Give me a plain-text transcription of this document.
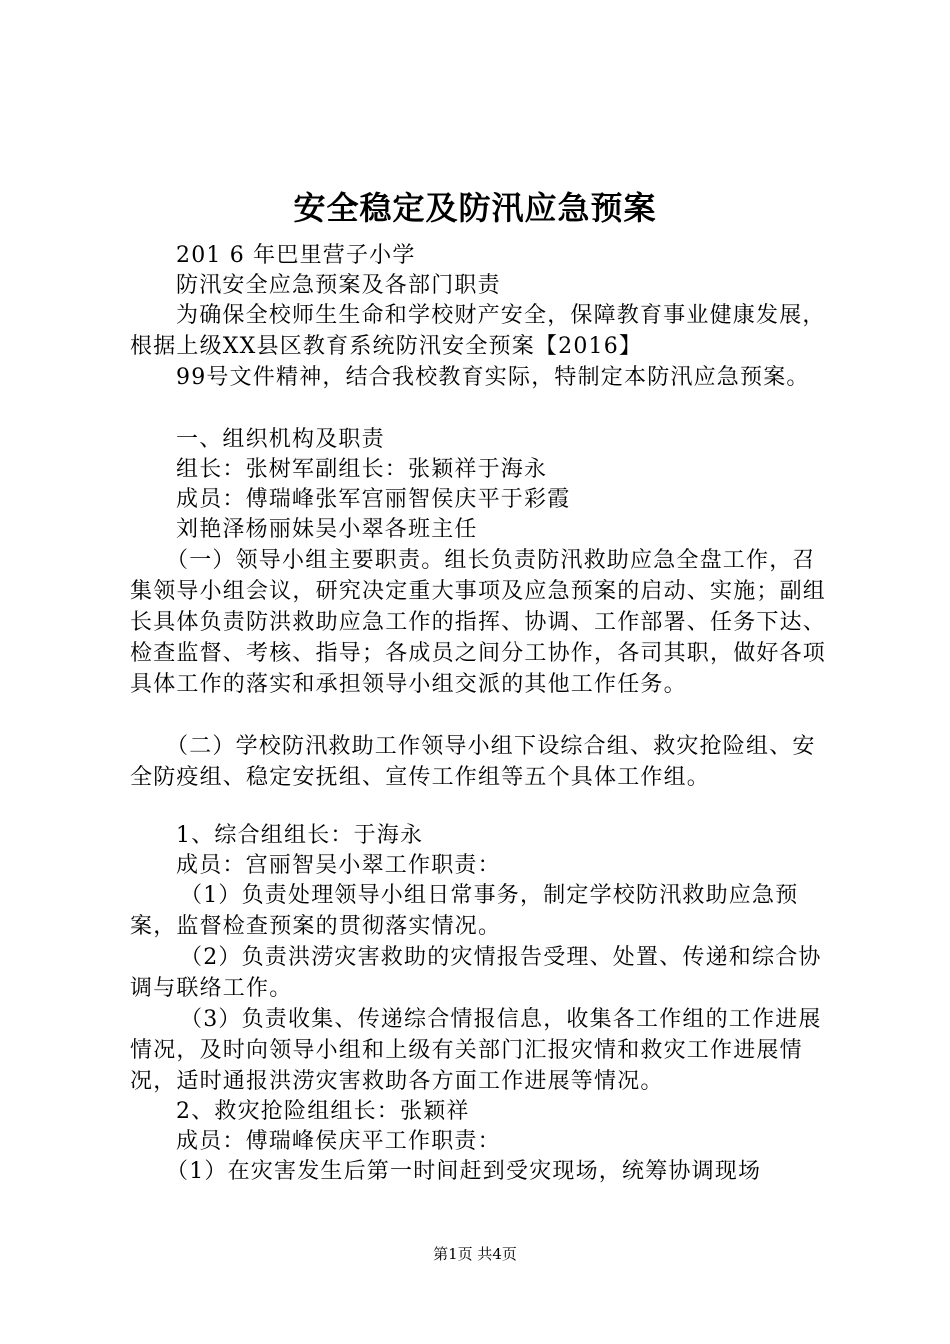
安全稳定及防汛应急预案

201 6 年巴里营子小学

防汛安全应急预案及各部门职责

为确保全校师生生命和学校财产安全，保障教育事业健康发展，根据上级XX县区教育系统防汛安全预案【2016】

99号文件精神，结合我校教育实际，特制定本防汛应急预案。

一、组织机构及职责

组长：张树军副组长：张颖祥于海永

成员：傅瑞峰张军宫丽智侯庆平于彩霞

刘艳泽杨丽妹吴小翠各班主任

（一）领导小组主要职责。组长负责防汛救助应急全盘工作，召集领导小组会议，研究决定重大事项及应急预案的启动、实施；副组长具体负责防洪救助应急工作的指挥、协调、工作部署、任务下达、检查监督、考核、指导；各成员之间分工协作，各司其职，做好各项具体工作的落实和承担领导小组交派的其他工作任务。

（二）学校防汛救助工作领导小组下设综合组、救灾抢险组、安全防疫组、稳定安抚组、宣传工作组等五个具体工作组。

1、综合组组长：于海永

成员：宫丽智吴小翠工作职责：

（1）负责处理领导小组日常事务，制定学校防汛救助应急预案，监督检查预案的贯彻落实情况。

（2）负责洪涝灾害救助的灾情报告受理、处置、传递和综合协调与联络工作。

（3）负责收集、传递综合情报信息，收集各工作组的工作进展情况，及时向领导小组和上级有关部门汇报灾情和救灾工作进展情况，适时通报洪涝灾害救助各方面工作进展等情况。

2、救灾抢险组组长：张颖祥

成员：傅瑞峰侯庆平工作职责：

（1）在灾害发生后第一时间赶到受灾现场，统筹协调现场

第1页 共4页
